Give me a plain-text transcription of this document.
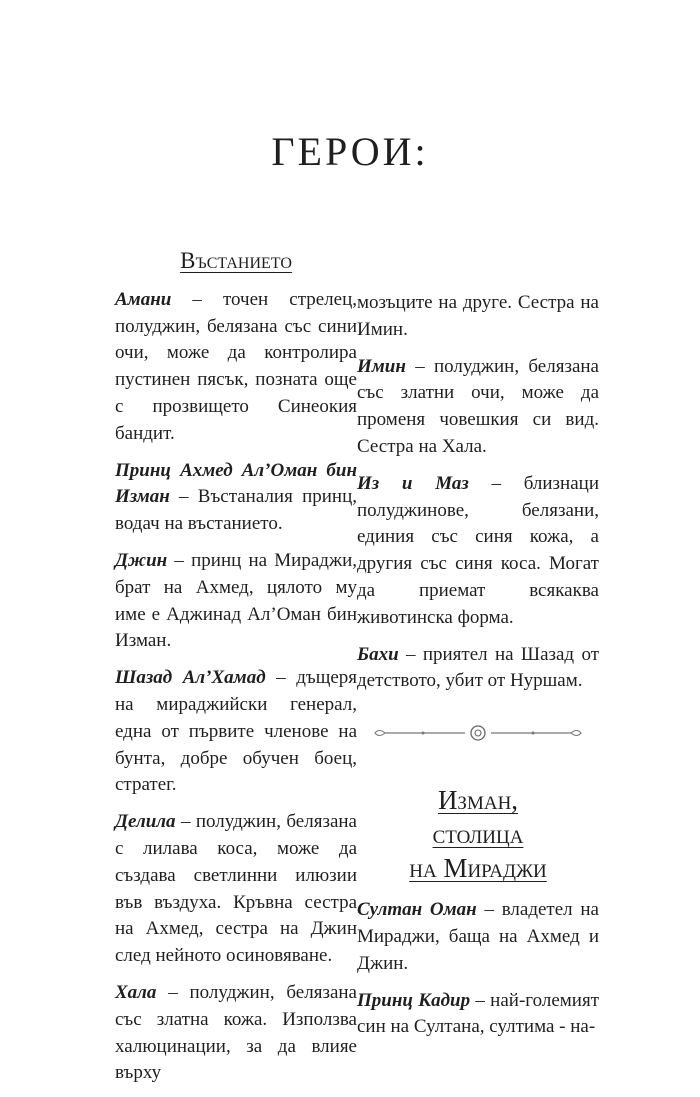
ГЕРОИ:
Въстанието

Амани – точен стрелец, полуджин, белязана със сини очи, може да контролира пустинен пясък, позната още с прозвището Синеокия бандит.

Принц Ахмед Ал’Оман бин Изман – Въстаналия принц, водач на въстанието.

Джин – принц на Мираджи, брат на Ахмед, цялото му име е Аджинад Ал’Оман бин Изман.

Шазад Ал’Хамад – дъщеря на мираджийски генерал, една от първите членове на бунта, добре обучен боец, стратег.

Делила – полуджин, белязана с лилава коса, може да създава светлинни илюзии във въздуха. Кръвна сестра на Ахмед, сестра на Джин след нейното осиновяване.

Хала – полуджин, белязана със златна кожа. Използва халюцинации, за да влияе върху

мозъците на друге. Сестра на Имин.

Имин – полуджин, белязана със златни очи, може да променя човешкия си вид. Сестра на Хала.

Из и Маз – близнаци полуджинове, белязани, единия със синя кожа, а другия със синя коса. Могат да приемат всякаква животинска форма.

Бахи – приятел на Шазад от детството, убит от Нуршам.

Изман,
столица
на Мираджи

Султан Оман – владетел на Мираджи, баща на Ахмед и Джин.

Принц Кадир – най-големият син на Султана, султима - на-
